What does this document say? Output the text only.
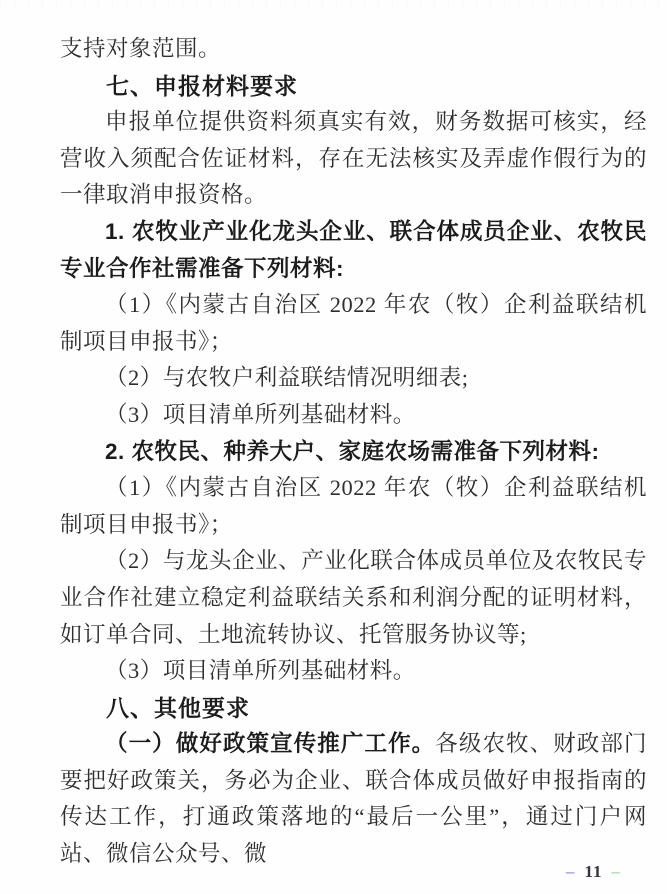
支持对象范围。

七、申报材料要求

申报单位提供资料须真实有效，财务数据可核实，经营收入须配合佐证材料，存在无法核实及弄虚作假行为的一律取消申报资格。

1. 农牧业产业化龙头企业、联合体成员企业、农牧民专业合作社需准备下列材料:

（1）《内蒙古自治区 2022 年农（牧）企利益联结机制项目申报书》；

（2）与农牧户利益联结情况明细表;

（3）项目清单所列基础材料。

2. 农牧民、种养大户、家庭农场需准备下列材料:

（1）《内蒙古自治区 2022 年农（牧）企利益联结机制项目申报书》；

（2）与龙头企业、产业化联合体成员单位及农牧民专业合作社建立稳定利益联结关系和利润分配的证明材料，如订单合同、土地流转协议、托管服务协议等;

（3）项目清单所列基础材料。

八、其他要求

（一）做好政策宣传推广工作。各级农牧、财政部门要把好政策关，务必为企业、联合体成员做好申报指南的传达工作，打通政策落地的“最后一公里”，通过门户网站、微信公众号、微

– 11 –
